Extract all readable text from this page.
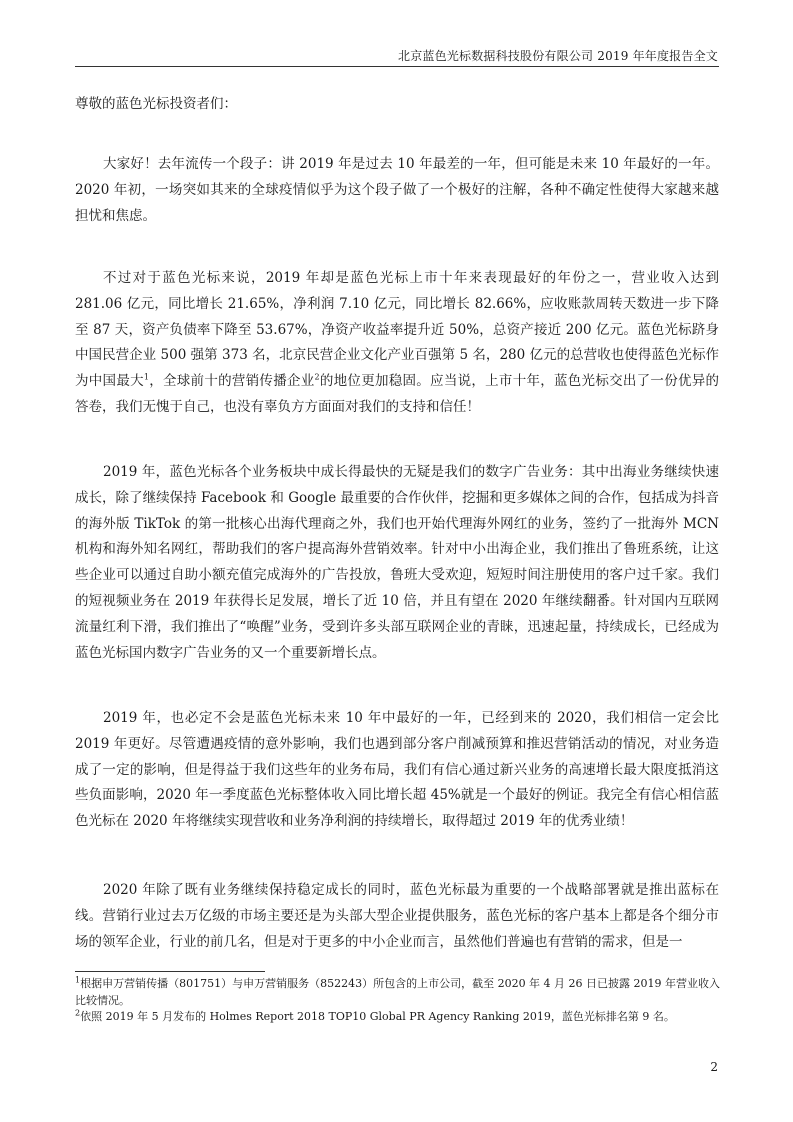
北京蓝色光标数据科技股份有限公司 2019 年年度报告全文
尊敬的蓝色光标投资者们：

大家好！去年流传一个段子：讲 2019 年是过去 10 年最差的一年，但可能是未来 10 年最好的一年。2020 年初，一场突如其来的全球疫情似乎为这个段子做了一个极好的注解，各种不确定性使得大家越来越担忧和焦虑。

不过对于蓝色光标来说，2019 年却是蓝色光标上市十年来表现最好的年份之一，营业收入达到 281.06 亿元，同比增长 21.65%，净利润 7.10 亿元，同比增长 82.66%，应收账款周转天数进一步下降至 87 天，资产负债率下降至 53.67%，净资产收益率提升近 50%，总资产接近 200 亿元。蓝色光标跻身中国民营企业 500 强第 373 名，北京民营企业文化产业百强第 5 名，280 亿元的总营收也使得蓝色光标作为中国最大$^1$，全球前十的营销传播企业$^2$的地位更加稳固。应当说，上市十年，蓝色光标交出了一份优异的答卷，我们无愧于自己，也没有辜负方方面面对我们的支持和信任！

2019 年，蓝色光标各个业务板块中成长得最快的无疑是我们的数字广告业务：其中出海业务继续快速成长，除了继续保持 Facebook 和 Google 最重要的合作伙伴，挖掘和更多媒体之间的合作，包括成为抖音的海外版 TikTok 的第一批核心出海代理商之外，我们也开始代理海外网红的业务，签约了一批海外 MCN 机构和海外知名网红，帮助我们的客户提高海外营销效率。针对中小出海企业，我们推出了鲁班系统，让这些企业可以通过自助小额充值完成海外的广告投放，鲁班大受欢迎，短短时间注册使用的客户过千家。我们的短视频业务在 2019 年获得长足发展，增长了近 10 倍，并且有望在 2020 年继续翻番。针对国内互联网流量红利下滑，我们推出了“唤醒”业务，受到许多头部互联网企业的青睐，迅速起量，持续成长，已经成为蓝色光标国内数字广告业务的又一个重要新增长点。

2019 年，也必定不会是蓝色光标未来 10 年中最好的一年，已经到来的 2020，我们相信一定会比 2019 年更好。尽管遭遇疫情的意外影响，我们也遇到部分客户削减预算和推迟营销活动的情况，对业务造成了一定的影响，但是得益于我们这些年的业务布局，我们有信心通过新兴业务的高速增长最大限度抵消这些负面影响，2020 年一季度蓝色光标整体收入同比增长超 45%就是一个最好的例证。我完全有信心相信蓝色光标在 2020 年将继续实现营收和业务净利润的持续增长，取得超过 2019 年的优秀业绩！

2020 年除了既有业务继续保持稳定成长的同时，蓝色光标最为重要的一个战略部署就是推出蓝标在线。营销行业过去万亿级的市场主要还是为头部大型企业提供服务，蓝色光标的客户基本上都是各个细分市场的领军企业，行业的前几名，但是对于更多的中小企业而言，虽然他们普遍也有营销的需求，但是一

$^1$根据申万营销传播（801751）与申万营销服务（852243）所包含的上市公司，截至 2020 年 4 月 26 日已披露 2019 年营业收入比较情况。

$^2$依照 2019 年 5 月发布的 Holmes Report 2018 TOP10 Global PR Agency Ranking 2019，蓝色光标排名第 9 名。

2
